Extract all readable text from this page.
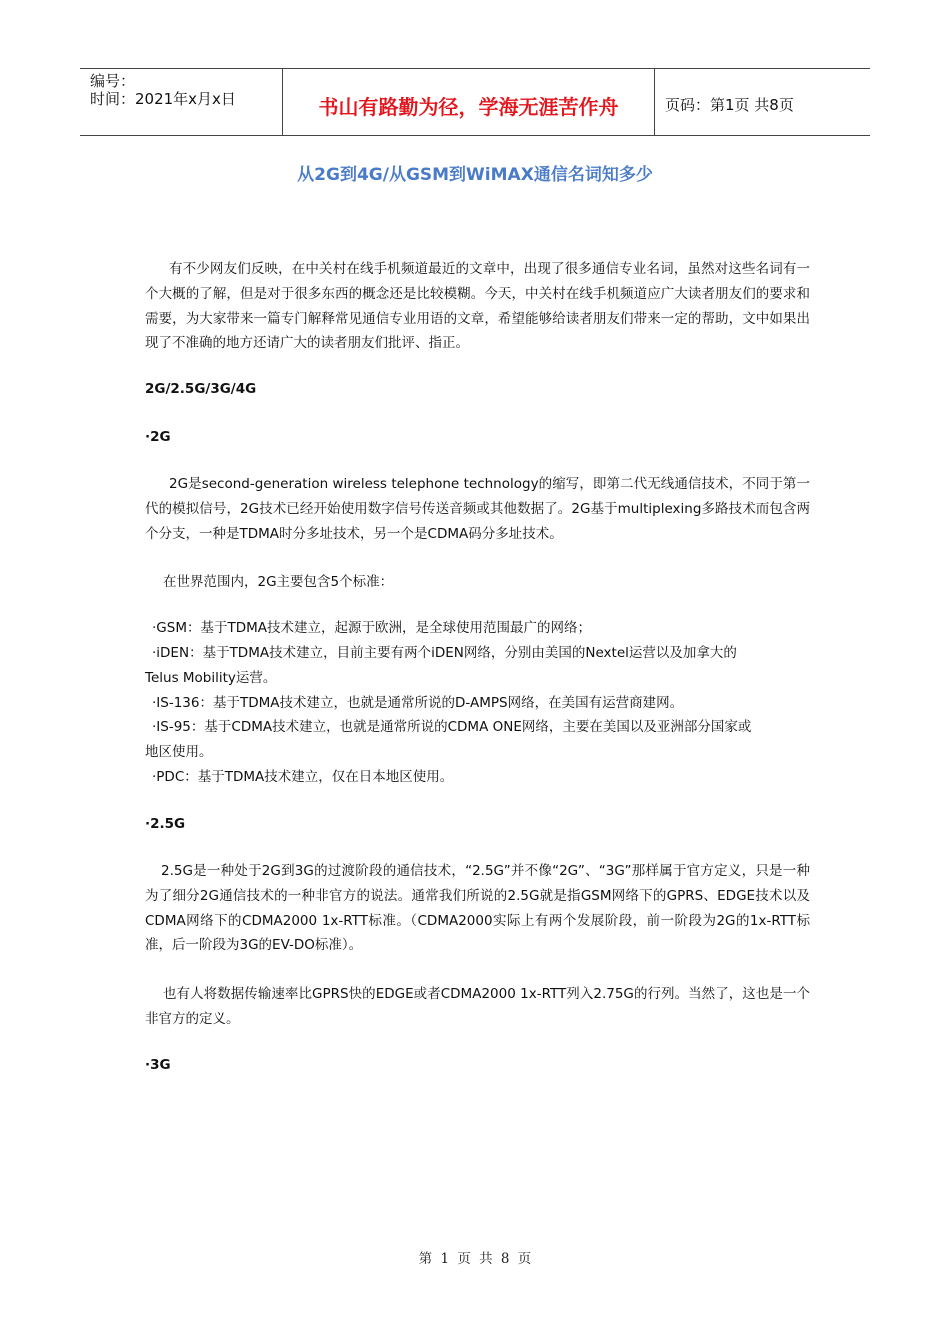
编号：
时间：2021年x月x日	书山有路勤为径，学海无涯苦作舟	页码：第1页 共8页
从2G到4G/从GSM到WiMAX通信名词知多少

有不少网友们反映，在中关村在线手机频道最近的文章中，出现了很多通信专业名词，虽然对这些名词有一个大概的了解，但是对于很多东西的概念还是比较模糊。今天，中关村在线手机频道应广大读者朋友们的要求和需要，为大家带来一篇专门解释常见通信专业用语的文章，希望能够给读者朋友们带来一定的帮助，文中如果出现了不准确的地方还请广大的读者朋友们批评、指正。

2G/2.5G/3G/4G
·2G

2G是second-generation wireless telephone technology的缩写，即第二代无线通信技术，不同于第一代的模拟信号，2G技术已经开始使用数字信号传送音频或其他数据了。2G基于multiplexing多路技术而包含两个分支，一种是TDMA时分多址技术，另一个是CDMA码分多址技术。

在世界范围内，2G主要包含5个标准：

·GSM：基于TDMA技术建立，起源于欧洲，是全球使用范围最广的网络；

·iDEN：基于TDMA技术建立，目前主要有两个iDEN网络，分别由美国的Nextel运营以及加拿大的

Telus Mobility运营。

·IS-136：基于TDMA技术建立，也就是通常所说的D-AMPS网络，在美国有运营商建网。

·IS-95：基于CDMA技术建立，也就是通常所说的CDMA ONE网络，主要在美国以及亚洲部分国家或

地区使用。

·PDC：基于TDMA技术建立，仅在日本地区使用。

·2.5G

2.5G是一种处于2G到3G的过渡阶段的通信技术，“2.5G”并不像“2G”、“3G”那样属于官方定义，只是一种为了细分2G通信技术的一种非官方的说法。通常我们所说的2.5G就是指GSM网络下的GPRS、EDGE技术以及CDMA网络下的CDMA2000 1x-RTT标准。（CDMA2000实际上有两个发展阶段，前一阶段为2G的1x-RTT标准，后一阶段为3G的EV-DO标准）。

也有人将数据传输速率比GPRS快的EDGE或者CDMA2000 1x-RTT列入2.75G的行列。当然了，这也是一个非官方的定义。

·3G
第 1 页 共 8 页
